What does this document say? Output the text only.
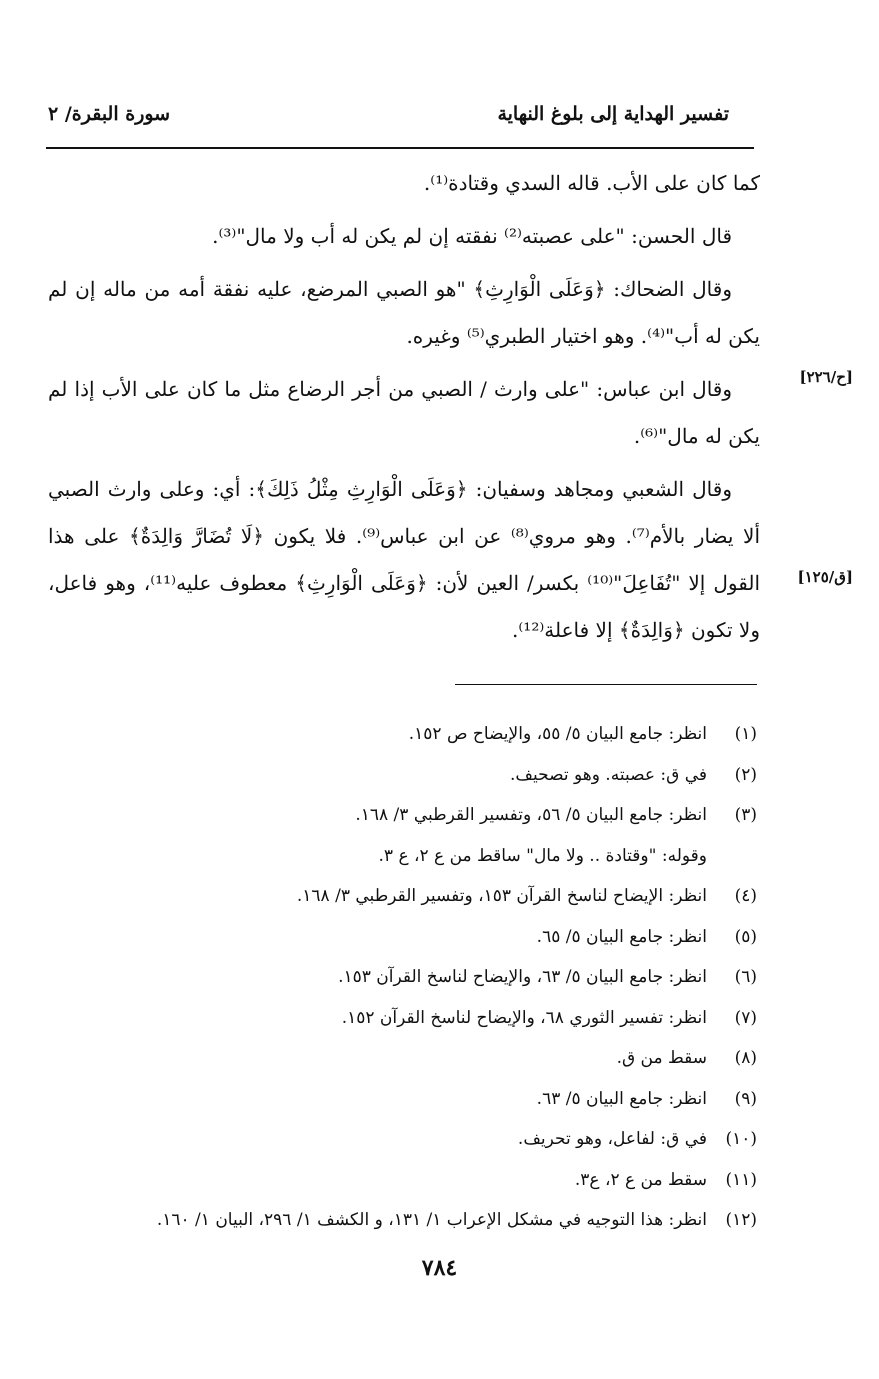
تفسير الهداية إلى بلوغ النهاية
سورة البقرة/ ٢
[ح/٢٢٦]
[ق/١٢٥]

كما كان على الأب. قاله السدي وقتادة⁽¹⁾.

قال الحسن: "على عصبته⁽²⁾ نفقته إن لم يكن له أب ولا مال"⁽³⁾.

وقال الضحاك: ﴿وَعَلَى الْوَارِثِ﴾ "هو الصبي المرضع، عليه نفقة أمه من ماله إن لم يكن له أب"⁽⁴⁾. وهو اختيار الطبري⁽⁵⁾ وغيره.

وقال ابن عباس: "على وارث / الصبي من أجر الرضاع مثل ما كان على الأب إذا لم يكن له مال"⁽⁶⁾.

وقال الشعبي ومجاهد وسفيان: ﴿وَعَلَى الْوَارِثِ مِثْلُ ذَلِكَ﴾: أي: وعلى وارث الصبي ألا يضار بالأم⁽⁷⁾. وهو مروي⁽⁸⁾ عن ابن عباس⁽⁹⁾. فلا يكون ﴿لَا تُضَارَّ وَالِدَةٌ﴾ على هذا القول إلا "تُفَاعِلَ"⁽¹⁰⁾ بكسر/ العين لأن: ﴿وَعَلَى الْوَارِثِ﴾ معطوف عليه⁽¹¹⁾، وهو فاعل، ولا تكون ﴿وَالِدَةٌ﴾ إلا فاعلة⁽¹²⁾.

(١)
انظر: جامع البيان ٥/ ٥٥، والإيضاح ص ١٥٢.
(٢)
في ق: عصبته. وهو تصحيف.
(٣)
انظر: جامع البيان ٥/ ٥٦، وتفسير القرطبي ٣/ ١٦٨.
وقوله: "وقتادة .. ولا مال" ساقط من ع ٢، ع ٣.
(٤)
انظر: الإيضاح لناسخ القرآن ١٥٣، وتفسير القرطبي ٣/ ١٦٨.
(٥)
انظر: جامع البيان ٥/ ٦٥.
(٦)
انظر: جامع البيان ٥/ ٦٣، والإيضاح لناسخ القرآن ١٥٣.
(٧)
انظر: تفسير الثوري ٦٨، والإيضاح لناسخ القرآن ١٥٢.
(٨)
سقط من ق.
(٩)
انظر: جامع البيان ٥/ ٦٣.
(١٠)
في ق: لفاعل، وهو تحريف.
(١١)
سقط من ع ٢، ع٣.
(١٢)
انظر: هذا التوجيه في مشكل الإعراب ١/ ١٣١، و الكشف ١/ ٢٩٦، البيان ١/ ١٦٠.
٧٨٤
